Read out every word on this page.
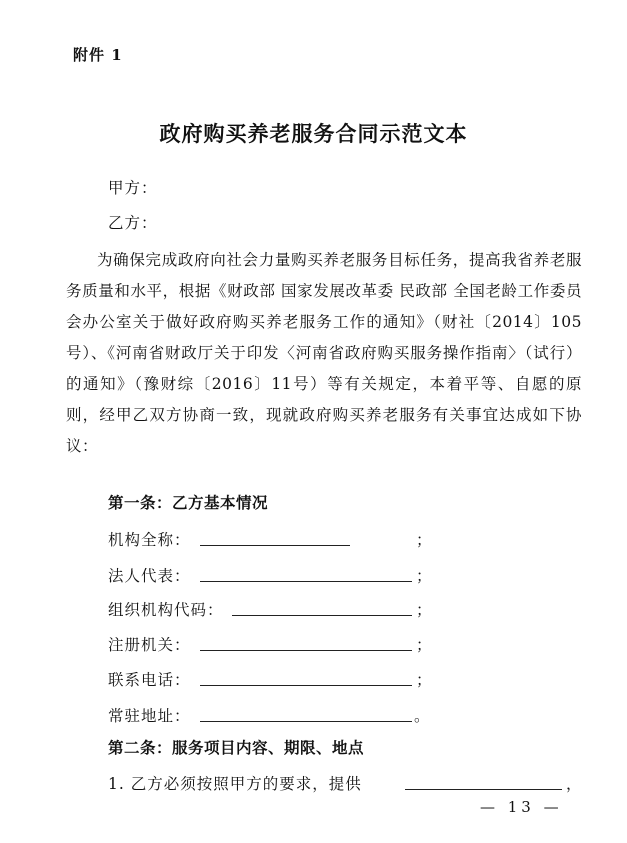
附件 1
政府购买养老服务合同示范文本
甲方：
乙方：
为确保完成政府向社会力量购买养老服务目标任务，提高我省养老服务质量和水平，根据《财政部 国家发展改革委 民政部 全国老龄工作委员会办公室关于做好政府购买养老服务工作的通知》（财社〔2014〕105号）、《河南省财政厅关于印发〈河南省政府购买服务操作指南〉（试行）的通知》（豫财综〔2016〕11号）等有关规定，本着平等、自愿的原则，经甲乙双方协商一致，现就政府购买养老服务有关事宜达成如下协议：
第一条：乙方基本情况
机构全称：	；
法人代表：	；
组织机构代码：	；
注册机关：	；
联系电话：	；
常驻地址：	。
第二条：服务项目内容、期限、地点
1. 乙方必须按照甲方的要求，提供	，
— 13 —
